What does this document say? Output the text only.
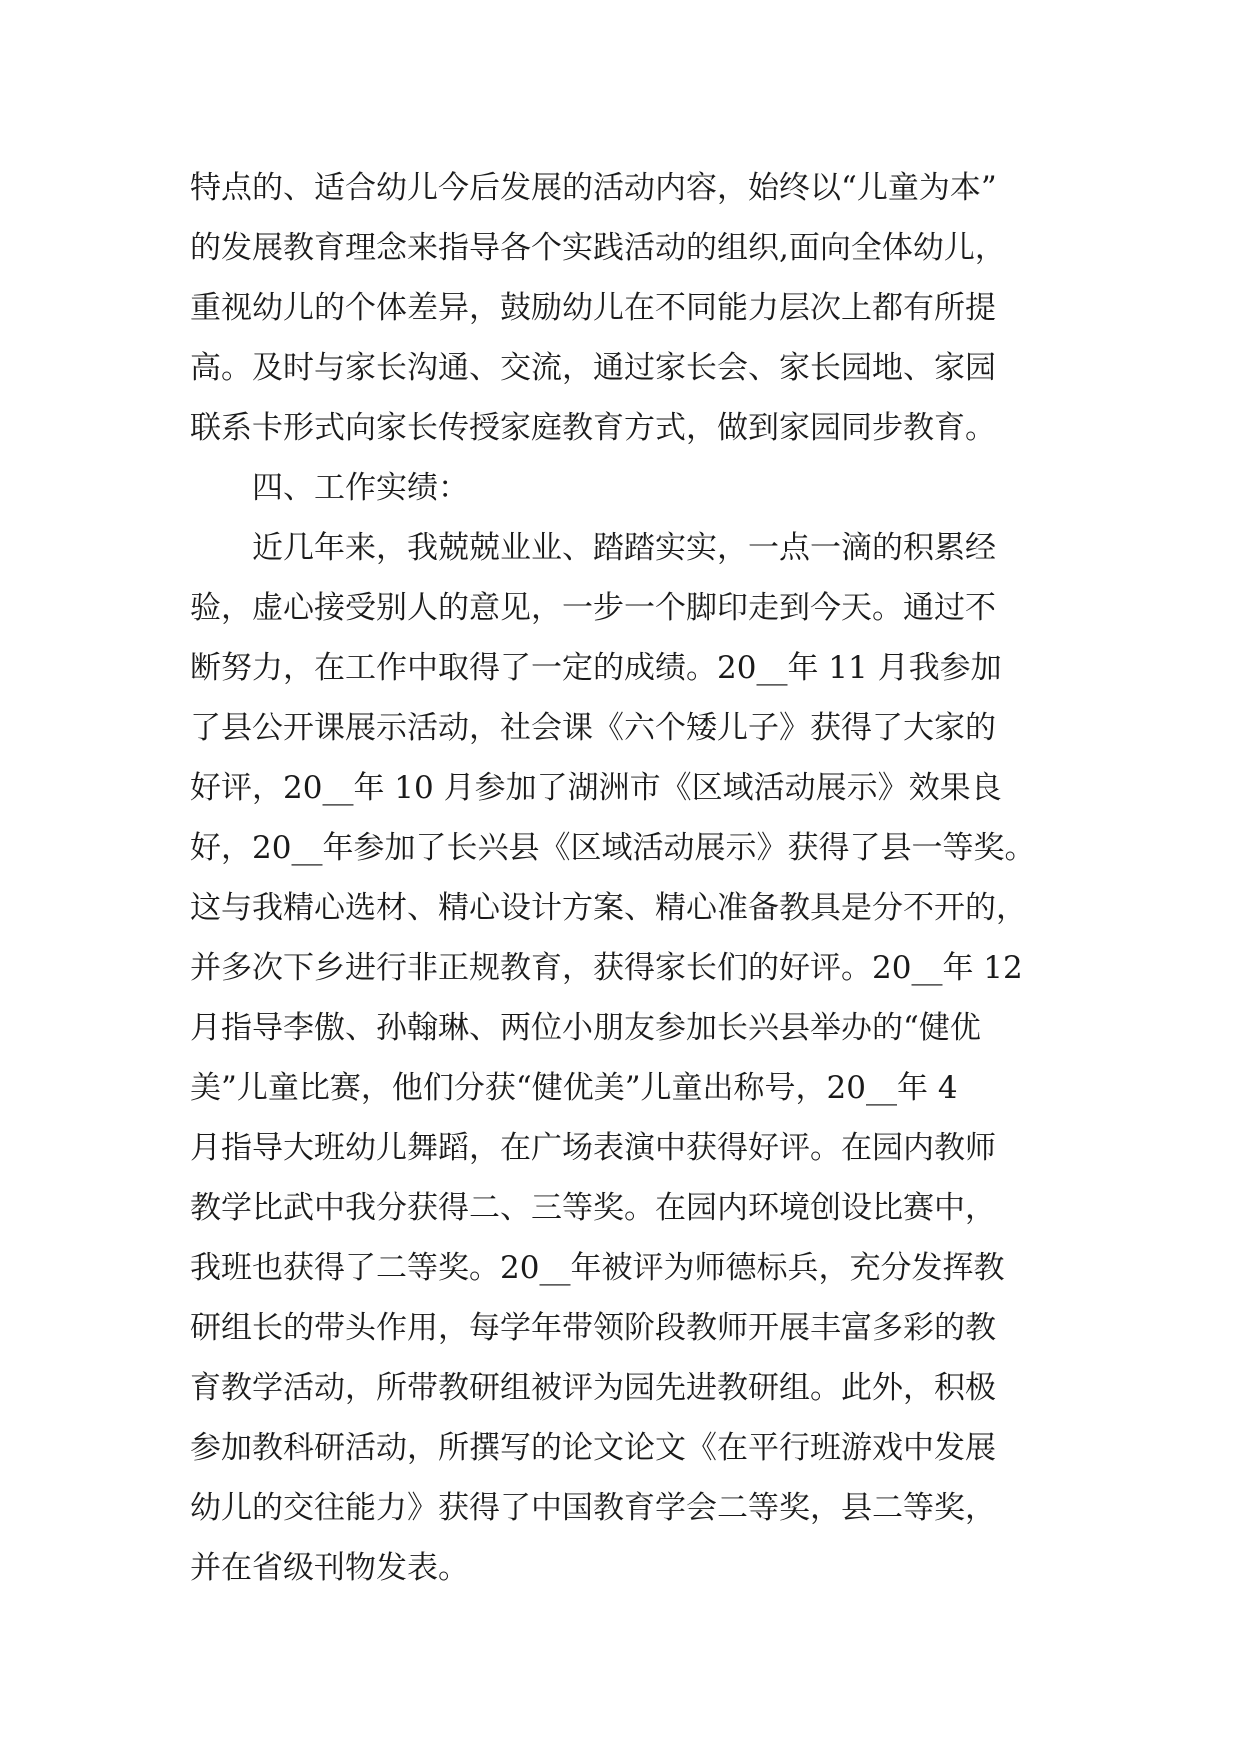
特点的、适合幼儿今后发展的活动内容，始终以“儿童为本”
的发展教育理念来指导各个实践活动的组织,面向全体幼儿，
重视幼儿的个体差异，鼓励幼儿在不同能力层次上都有所提
高。及时与家长沟通、交流，通过家长会、家长园地、家园
联系卡形式向家长传授家庭教育方式，做到家园同步教育。
四、工作实绩：
近几年来，我兢兢业业、踏踏实实，一点一滴的积累经
验，虚心接受别人的意见，一步一个脚印走到今天。通过不
断努力，在工作中取得了一定的成绩。20__年 11 月我参加
了县公开课展示活动，社会课《六个矮儿子》获得了大家的
好评，20__年 10 月参加了湖洲市《区域活动展示》效果良
好，20__年参加了长兴县《区域活动展示》获得了县一等奖。
这与我精心选材、精心设计方案、精心准备教具是分不开的，
并多次下乡进行非正规教育，获得家长们的好评。20__年 12
月指导李傲、孙翰琳、两位小朋友参加长兴县举办的“健优
美”儿童比赛，他们分获“健优美”儿童出称号，20__年 4
月指导大班幼儿舞蹈，在广场表演中获得好评。在园内教师
教学比武中我分获得二、三等奖。在园内环境创设比赛中，
我班也获得了二等奖。20__年被评为师德标兵，充分发挥教
研组长的带头作用，每学年带领阶段教师开展丰富多彩的教
育教学活动，所带教研组被评为园先进教研组。此外，积极
参加教科研活动，所撰写的论文论文《在平行班游戏中发展
幼儿的交往能力》获得了中国教育学会二等奖，县二等奖，
并在省级刊物发表。
